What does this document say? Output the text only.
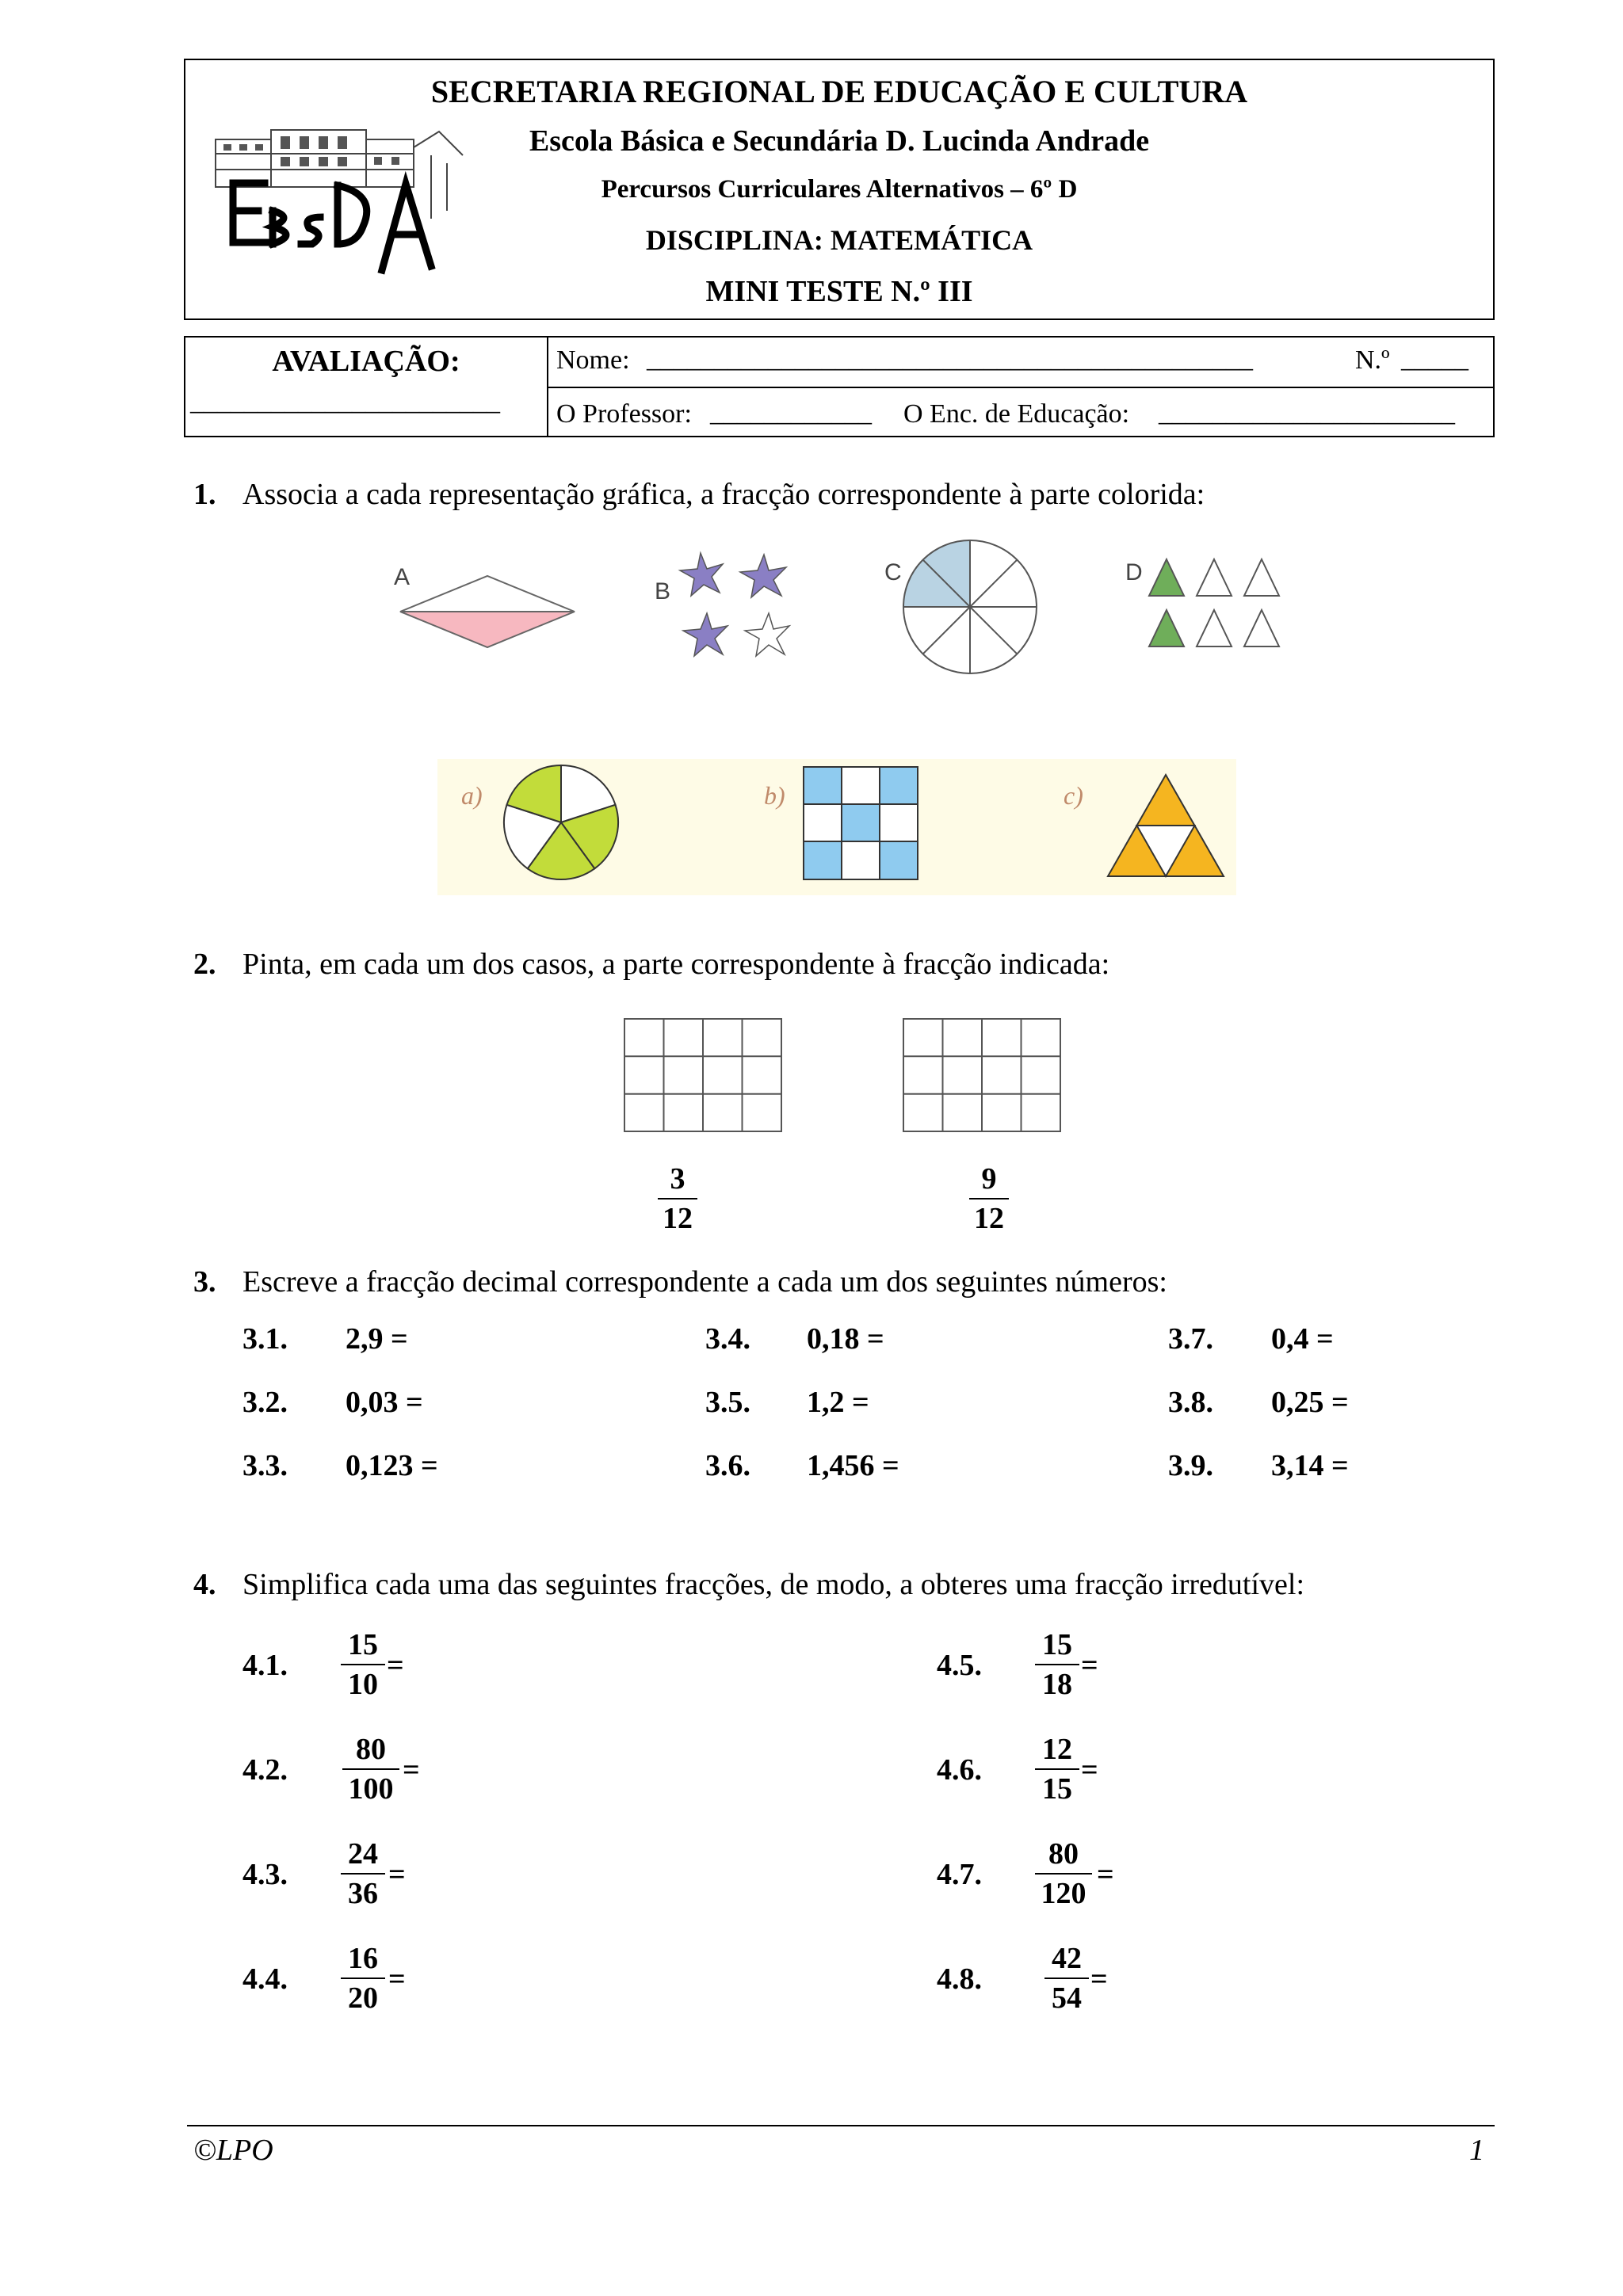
SECRETARIA REGIONAL DE EDUCAÇÃO E CULTURA
Escola Básica e Secundária D. Lucinda Andrade
Percursos Curriculares Alternativos – 6º D
DISCIPLINA: MATEMÁTICA
MINI TESTE N.º III
AVALIAÇÃO:
_______________________
Nome: _____________________________________________	N.º _____
O Professor: ____________ O Enc. de Educação: ______________________
1. Associa a cada representação gráfica, a fracção correspondente à parte colorida:
A
B
C	D
a)	b)	c)
2. Pinta, em cada um dos casos, a parte correspondente à fracção indicada:
3
12
9
12
3. Escreve a fracção decimal correspondente a cada um dos seguintes números:
3.1. 2,9 =
3.2. 0,03 =
3.3. 0,123 =
3.4. 0,18 =
3.5. 1,2 =
3.6. 1,456 =
3.7. 0,4 =
3.8. 0,25 =
3.9. 3,14 =
4. Simplifica cada uma das seguintes fracções, de modo, a obteres uma fracção irredutível:
4.1.
15
10
=
4.2.
80
100
=
4.3.
24
36
=
4.4.
16
20
=
4.5.
15
18
=
4.6.
12
15
=
4.7.
80
120
=
4.8.
42
54
=
©LPO	1
